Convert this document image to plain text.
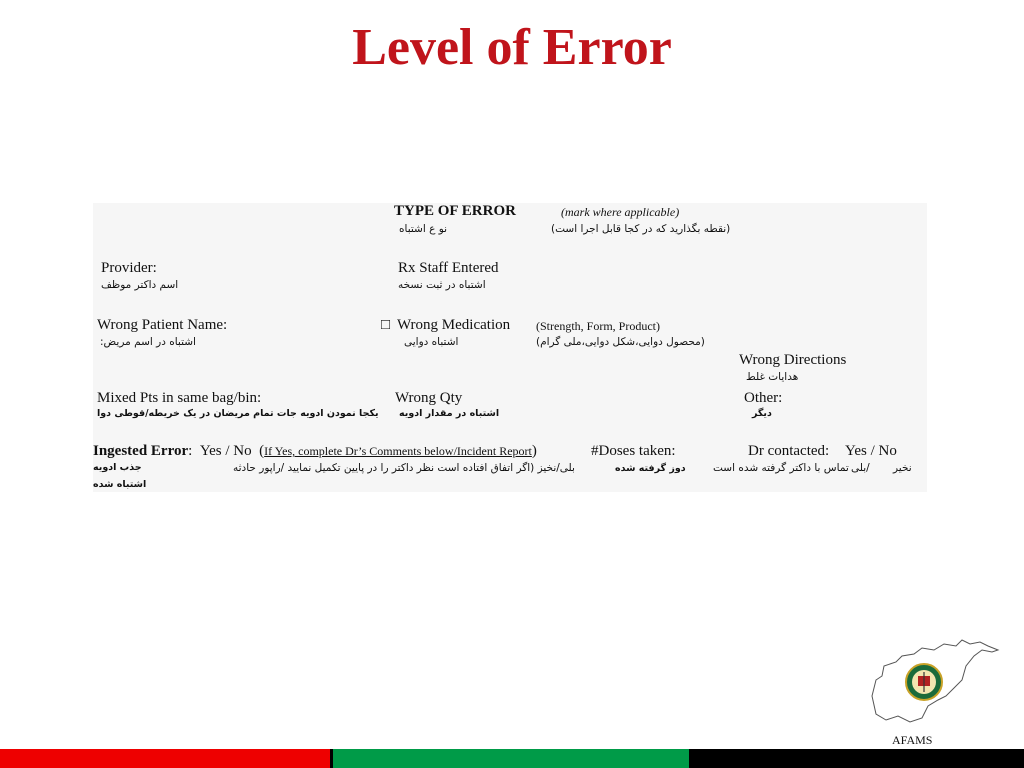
Level of Error
TYPE OF ERROR	(mark where applicable)
نو ع اشتباه	(نقطه بگذارید که در کجا قابل اجرا است)
Provider:
اسم داکتر موظف
Rx Staff Entered
اشتباه در ثبت نسخه
Wrong Patient Name:
اشتباه در اسم مریض:
□ Wrong Medication
اشتباه دوایی
(Strength, Form, Product)
(محصول دوایی،شکل دوایی،ملی گرام)
Wrong Directions
هدایات غلط
Mixed Pts in same bag/bin:
یکجا نمودن ادویه جات تمام مریضان در یک خریطه/قوطی دوا
Wrong Qty
اشتباه در مقدار ادویه
Other:
دیگر
Ingested Error: Yes / No (If Yes, complete Dr’s Comments below/Incident Report)	#Doses taken:	Dr contacted: Yes / No
جذب ادویه
اشتباه شده
بلی/نخیز (اگر اتفاق افتاده است نظر داکتر را در پایین تکمیل نمایید /راپور حادثه	دوز گرفته شده	تماس با داکتر گرفته شده است /بلی نخیر
AFAMS
